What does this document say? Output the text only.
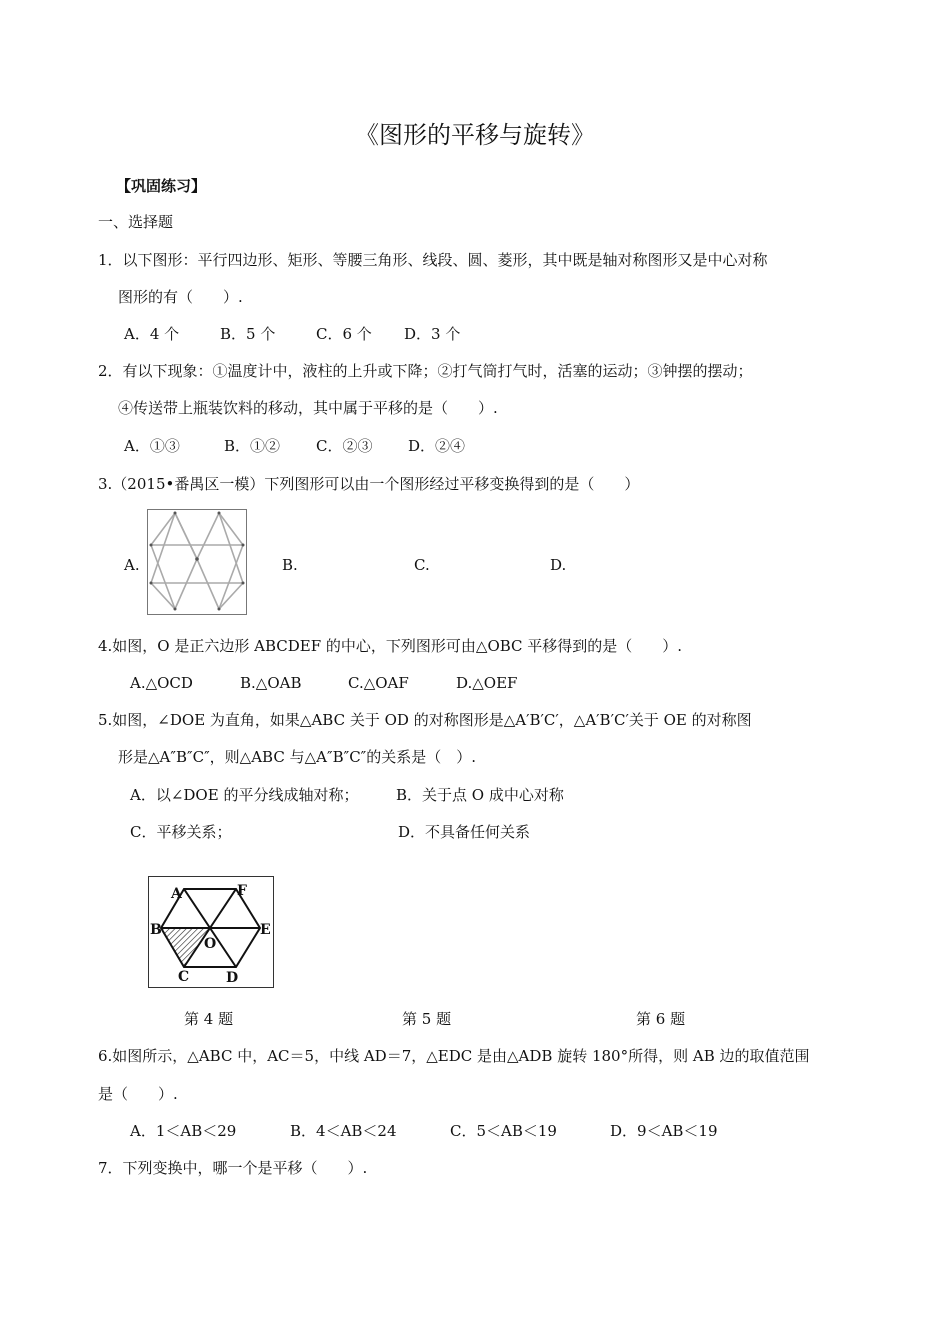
《图形的平移与旋转》
【巩固练习】
一、选择题
1．以下图形：平行四边形、矩形、等腰三角形、线段、圆、菱形，其中既是轴对称图形又是中心对称
图形的有（　　）.
A．4 个	B．5 个	C．6 个 D．3 个
2．有以下现象：①温度计中，液柱的上升或下降；②打气筒打气时，活塞的运动；③钟摆的摆动；
④传送带上瓶装饮料的移动，其中属于平移的是（　　）.
A．①③	B．①② C．②③ D．②④
3.（2015•番禺区一模）下列图形可以由一个图形经过平移变换得到的是（　　）
A.	B.	C.	D.
4.如图，O 是正六边形 ABCDEF 的中心，下列图形可由△OBC 平移得到的是（　　）.
A.△OCD	B.△OAB	C.△OAF	D.△OEF
5.如图，∠DOE 为直角，如果△ABC 关于 OD 的对称图形是△A′B′C′，△A′B′C′关于 OE 的对称图
形是△A″B″C″，则△ABC 与△A″B″C″的关系是（　）.
A．以∠DOE 的平分线成轴对称；	B．关于点 O 成中心对称
C．平移关系；	D．不具备任何关系
A	F
B
O
E
C	D
第 4 题	第 5 题	第 6 题
6.如图所示，△ABC 中，AC＝5，中线 AD＝7，△EDC 是由△ADB 旋转 180°所得，则 AB 边的取值范围
是（　　）.
A．1＜AB＜29	B．4＜AB＜24	C．5＜AB＜19	D．9＜AB＜19
7．下列变换中，哪一个是平移（　　）.
